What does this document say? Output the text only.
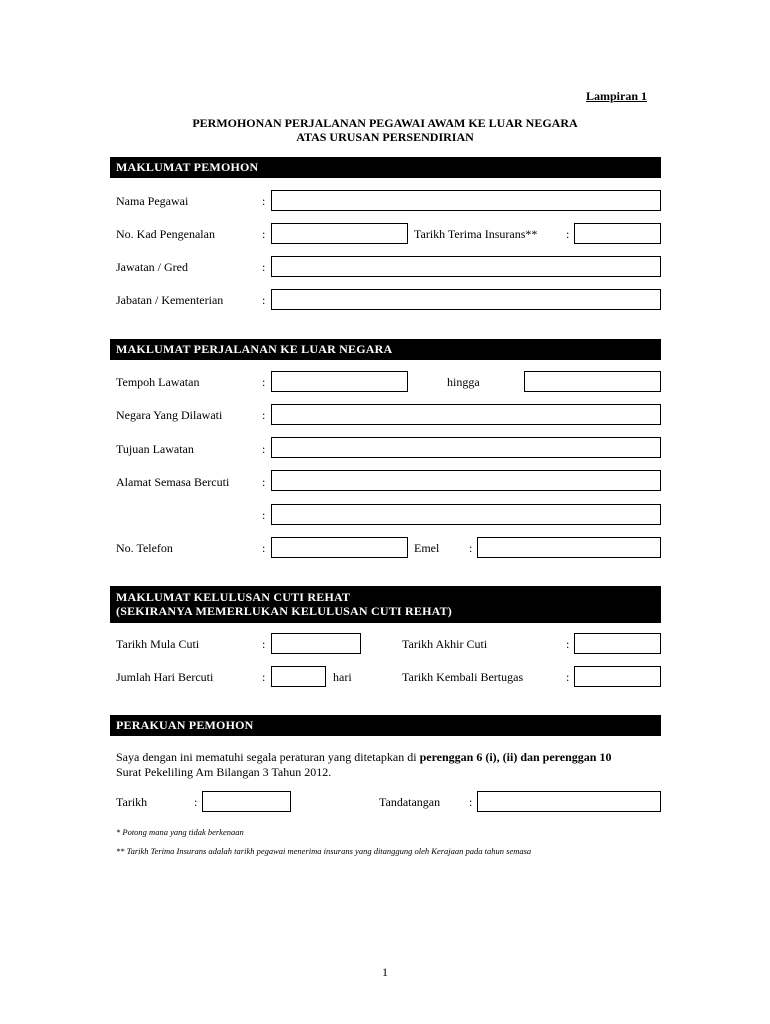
Lampiran 1
PERMOHONAN PERJALANAN PEGAWAI AWAM KE LUAR NEGARA
ATAS URUSAN PERSENDIRIAN
MAKLUMAT PEMOHON
Nama Pegawai	:
No. Kad Pengenalan	:	Tarikh Terima Insurans** :
Jawatan / Gred	:
Jabatan / Kementerian	:
MAKLUMAT PERJALANAN KE LUAR NEGARA
Tempoh Lawatan	:	hingga
Negara Yang Dilawati	:
Tujuan Lawatan	:
Alamat Semasa Bercuti	:
:
No. Telefon	:	Emel :
MAKLUMAT KELULUSAN CUTI REHAT
(SEKIRANYA MEMERLUKAN KELULUSAN CUTI REHAT)
Tarikh Mula Cuti	:	Tarikh Akhir Cuti	:
Jumlah Hari Bercuti	:	hari	Tarikh Kembali Bertugas	:
PERAKUAN PEMOHON
Saya dengan ini mematuhi segala peraturan yang ditetapkan di perenggan 6 (i), (ii) dan perenggan 10
Surat Pekeliling Am Bilangan 3 Tahun 2012.
Tarikh	:	Tandatangan :
* Potong mana yang tidak berkenaan
** Tarikh Terima Insurans adalah tarikh pegawai menerima insurans yang ditanggung oleh Kerajaan pada tahun semasa
1
